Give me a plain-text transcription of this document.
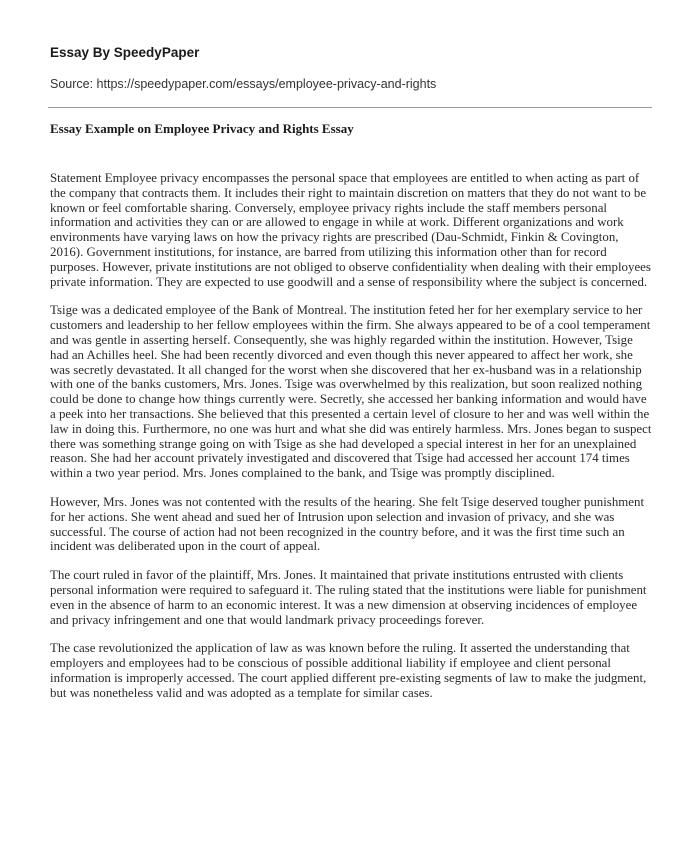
Essay By SpeedyPaper
Source: https://speedypaper.com/essays/employee-privacy-and-rights
Essay Example on Employee Privacy and Rights Essay

Statement Employee privacy encompasses the personal space that employees are entitled to when acting as part of the company that contracts them. It includes their right to maintain discretion on matters that they do not want to be known or feel comfortable sharing. Conversely, employee privacy rights include the staff members personal information and activities they can or are allowed to engage in while at work. Different organizations and work environments have varying laws on how the privacy rights are prescribed (Dau-Schmidt, Finkin & Covington, 2016). Government institutions, for instance, are barred from utilizing this information other than for record purposes. However, private institutions are not obliged to observe confidentiality when dealing with their employees private information. They are expected to use goodwill and a sense of responsibility where the subject is concerned.

Tsige was a dedicated employee of the Bank of Montreal. The institution feted her for her exemplary service to her customers and leadership to her fellow employees within the firm. She always appeared to be of a cool temperament and was gentle in asserting herself. Consequently, she was highly regarded within the institution. However, Tsige had an Achilles heel. She had been recently divorced and even though this never appeared to affect her work, she was secretly devastated. It all changed for the worst when she discovered that her ex-husband was in a relationship with one of the banks customers, Mrs. Jones. Tsige was overwhelmed by this realization, but soon realized nothing could be done to change how things currently were. Secretly, she accessed her banking information and would have a peek into her transactions. She believed that this presented a certain level of closure to her and was well within the law in doing this. Furthermore, no one was hurt and what she did was entirely harmless. Mrs. Jones began to suspect there was something strange going on with Tsige as she had developed a special interest in her for an unexplained reason. She had her account privately investigated and discovered that Tsige had accessed her account 174 times within a two year period. Mrs. Jones complained to the bank, and Tsige was promptly disciplined.

However, Mrs. Jones was not contented with the results of the hearing. She felt Tsige deserved tougher punishment for her actions. She went ahead and sued her of Intrusion upon selection and invasion of privacy, and she was successful. The course of action had not been recognized in the country before, and it was the first time such an incident was deliberated upon in the court of appeal.

The court ruled in favor of the plaintiff, Mrs. Jones. It maintained that private institutions entrusted with clients personal information were required to safeguard it. The ruling stated that the institutions were liable for punishment even in the absence of harm to an economic interest. It was a new dimension at observing incidences of employee and privacy infringement and one that would landmark privacy proceedings forever.

The case revolutionized the application of law as was known before the ruling. It asserted the understanding that employers and employees had to be conscious of possible additional liability if employee and client personal information is improperly accessed. The court applied different pre-existing segments of law to make the judgment, but was nonetheless valid and was adopted as a template for similar cases.
